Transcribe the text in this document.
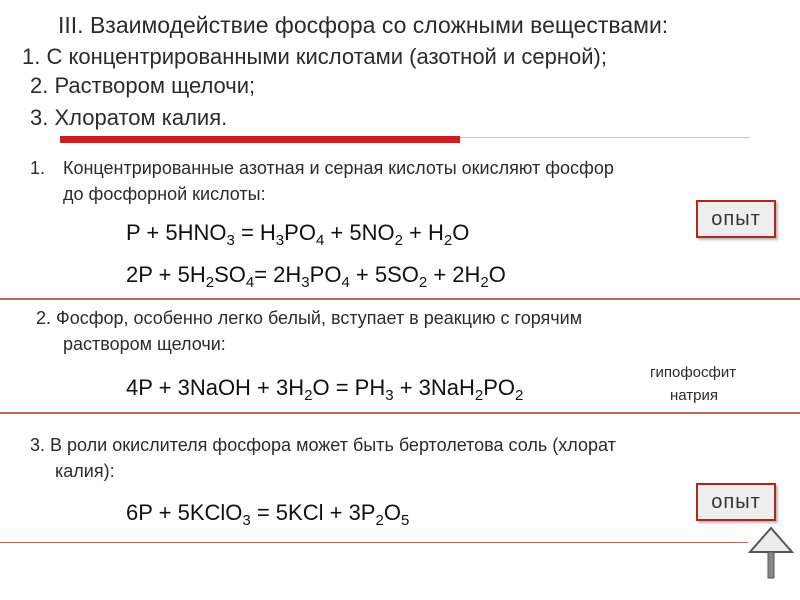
III. Взаимодействие фосфора со сложными веществами:
1. С концентрированными кислотами (азотной и серной);
2. Раствором щелочи;
3. Хлоратом калия.
1. Концентрированные азотная и серная кислоты окисляют фосфор
до фосфорной кислоты:
опыт
$P + 5HNO_3 = H_3PO_4 + 5NO_2 + H_2O$
$2P + 5H_2SO_4= 2H_3PO_4 + 5SO_2 + 2H_2O$
2. Фосфор, особенно легко белый, вступает в реакцию с горячим
раствором щелочи:
4P + 3NaOH + $3H_2O = PH_3 + 3NaH_2PO_2$
гипофосфит
натрия
3. В роли окислителя фосфора может быть бертолетова соль (хлорат
калия):
опыт
6P + 5KClO$_3$ = $5KCl + 3P_2O_5$
